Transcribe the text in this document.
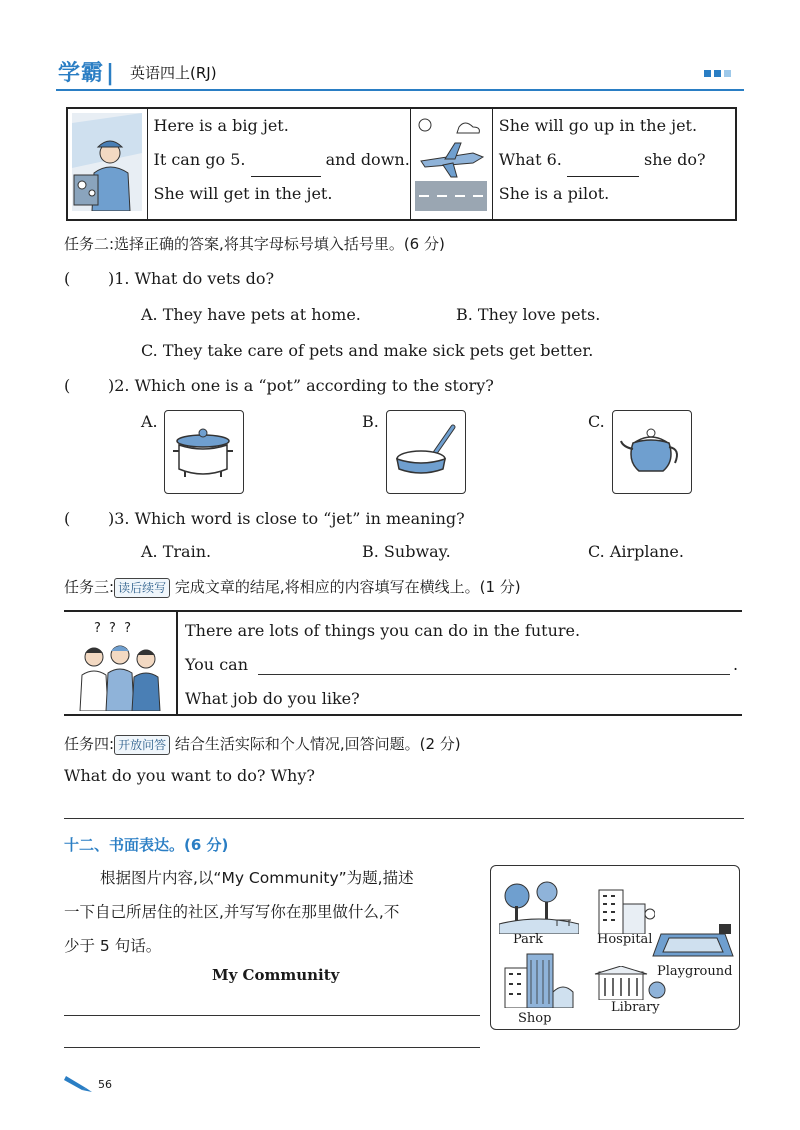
学霸| 英语四上(RJ)

Here is a big jet.
It can go 5.	and down.
She will get in the jet.

She will go up in the jet.
What 6.	she do?
She is a pilot.
任务二:选择正确的答案,将其字母标号填入括号里。(6 分)
( )1. What do vets do?
A. They have pets at home.	B. They love pets.
C. They take care of pets and make sick pets get better.
( )2. Which one is a “pot” according to the story?
A.	B.	C.
( )3. Which word is close to “jet” in meaning?
A. Train.	B. Subway.	C. Airplane.
任务三: 读后续写 完成文章的结尾,将相应的内容填写在横线上。(1 分)
? ? ?	There are lots of things you can do in the future.
You can	.
What job do you like?
任务四: 开放问答 结合生活实际和个人情况,回答问题。(2 分)
What do you want to do? Why?
十二、书面表达。(6 分)
根据图片内容,以“My Community”为题,描述
一下自己所居住的社区,并写写你在那里做什么,不
少于 5 句话。
My Community
Park	Hospital
Playground
Shop
Library
56
